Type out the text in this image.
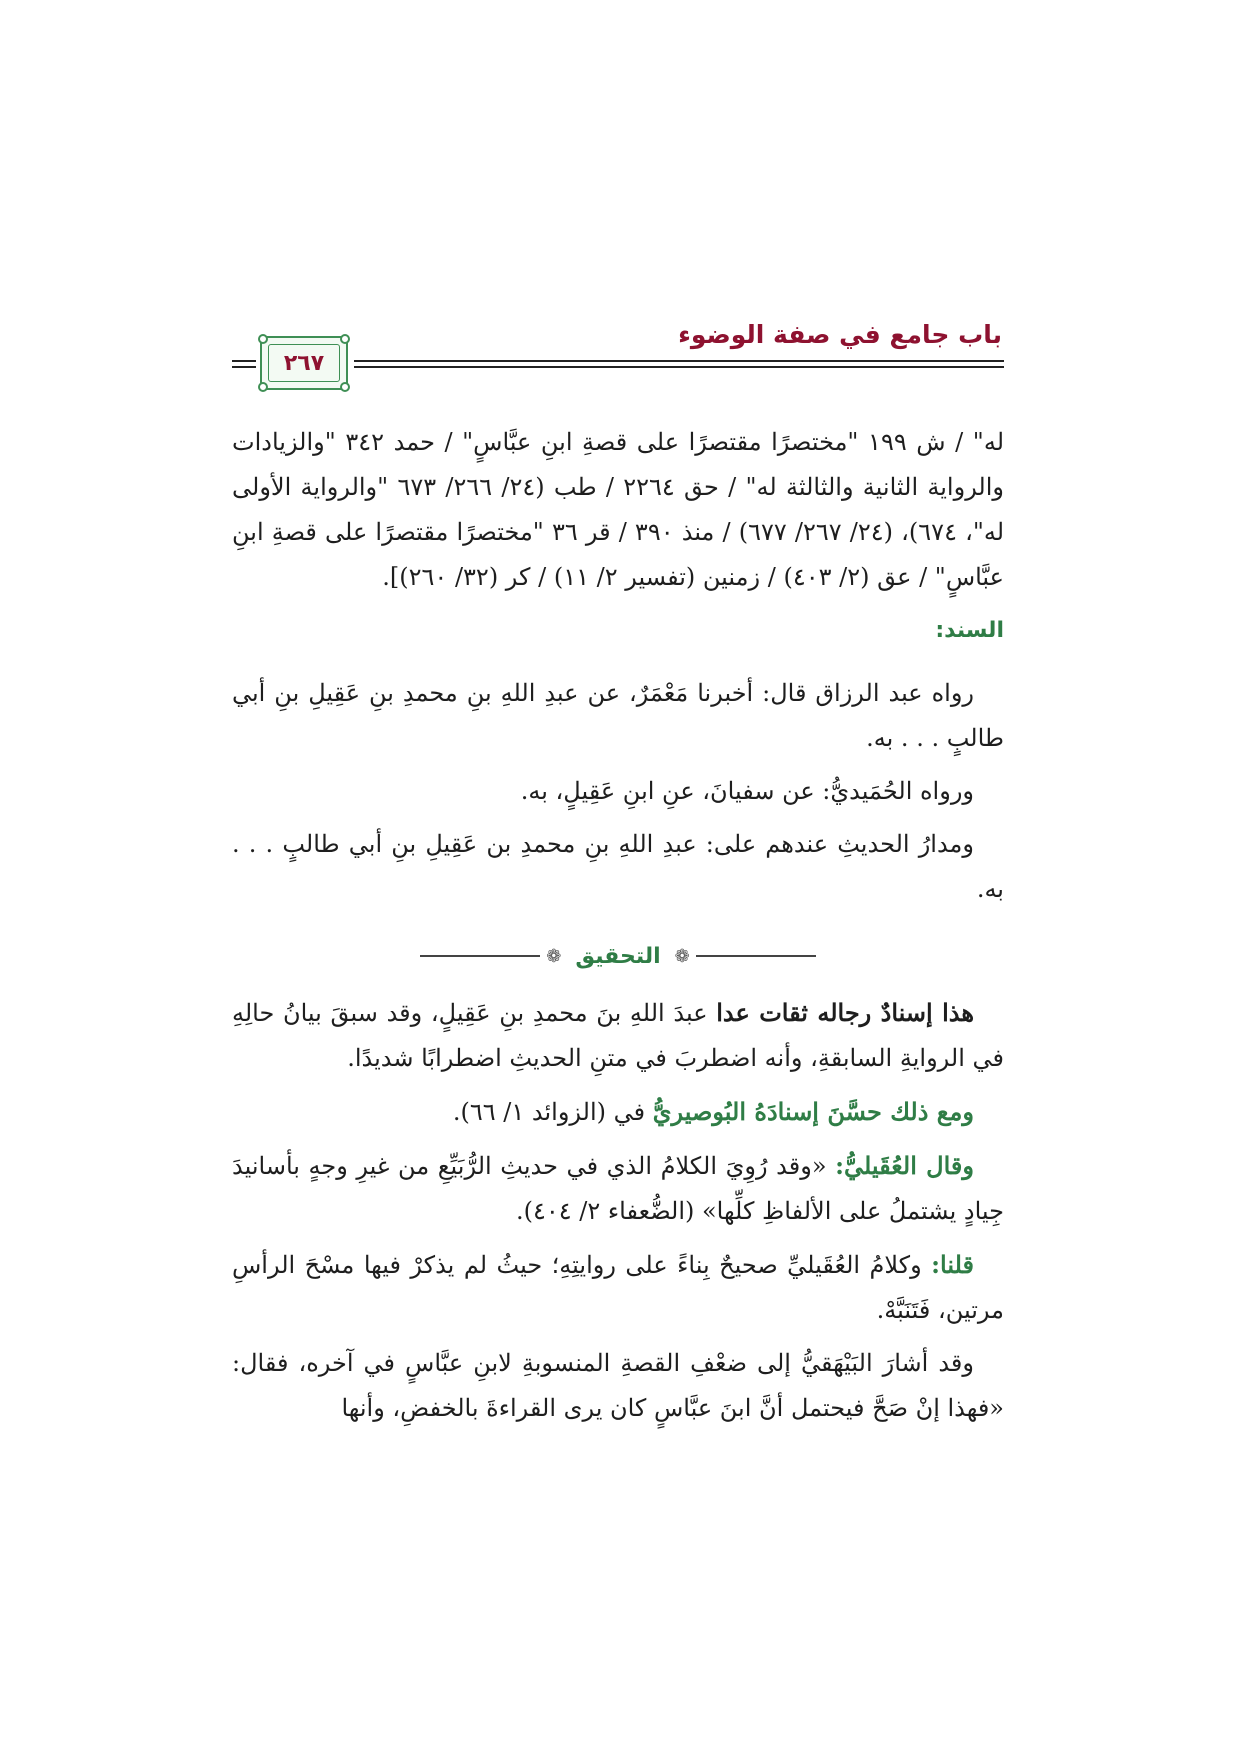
باب جامع في صفة الوضوء
٢٦٧

له" / ش ١٩٩ "مختصرًا مقتصرًا على قصةِ ابنِ عبَّاسٍ" / حمد ٣٤٢ "والزيادات والرواية الثانية والثالثة له" / حق ٢٢٦٤ / طب (٢٤/ ٢٦٦/ ٦٧٣ "والرواية الأولى له"، ٦٧٤)، (٢٤/ ٢٦٧/ ٦٧٧) / منذ ٣٩٠ / قر ٣٦ "مختصرًا مقتصرًا على قصةِ ابنِ عبَّاسٍ" / عق (٢/ ٤٠٣) / زمنين (تفسير ٢/ ١١) / كر (٣٢/ ٢٦٠)].

السند:

رواه عبد الرزاق قال: أخبرنا مَعْمَرٌ، عن عبدِ اللهِ بنِ محمدِ بنِ عَقِيلِ بنِ أبي طالبٍ . . . به.

ورواه الحُمَيديُّ: عن سفيانَ، عنِ ابنِ عَقِيلٍ، به.

ومدارُ الحديثِ عندهم على: عبدِ اللهِ بنِ محمدِ بن عَقِيلِ بنِ أبي طالبٍ . . . به.

❁
التحقيق
❁

هذا إسنادٌ رجاله ثقات عدا عبدَ اللهِ بنَ محمدِ بنِ عَقِيلٍ، وقد سبقَ بيانُ حالِهِ في الروايةِ السابقةِ، وأنه اضطربَ في متنِ الحديثِ اضطرابًا شديدًا.

ومع ذلك حسَّنَ إسنادَهُ البُوصيريُّ في (الزوائد ١/ ٦٦).

وقال العُقَيليُّ: «وقد رُوِيَ الكلامُ الذي في حديثِ الرُّبَيِّعِ من غيرِ وجهٍ بأسانيدَ جِيادٍ يشتملُ على الألفاظِ كلِّها» (الضُّعفاء ٢/ ٤٠٤).

قلنا: وكلامُ العُقَيليِّ صحيحٌ بِناءً على روايتِهِ؛ حيثُ لم يذكرْ فيها مسْحَ الرأسِ مرتين، فَتَنَبَّهْ.

وقد أشارَ البَيْهَقيُّ إلى ضعْفِ القصةِ المنسوبةِ لابنِ عبَّاسٍ في آخره، فقال: «فهذا إنْ صَحَّ فيحتمل أنَّ ابنَ عبَّاسٍ كان يرى القراءةَ بالخفضِ، وأنها
